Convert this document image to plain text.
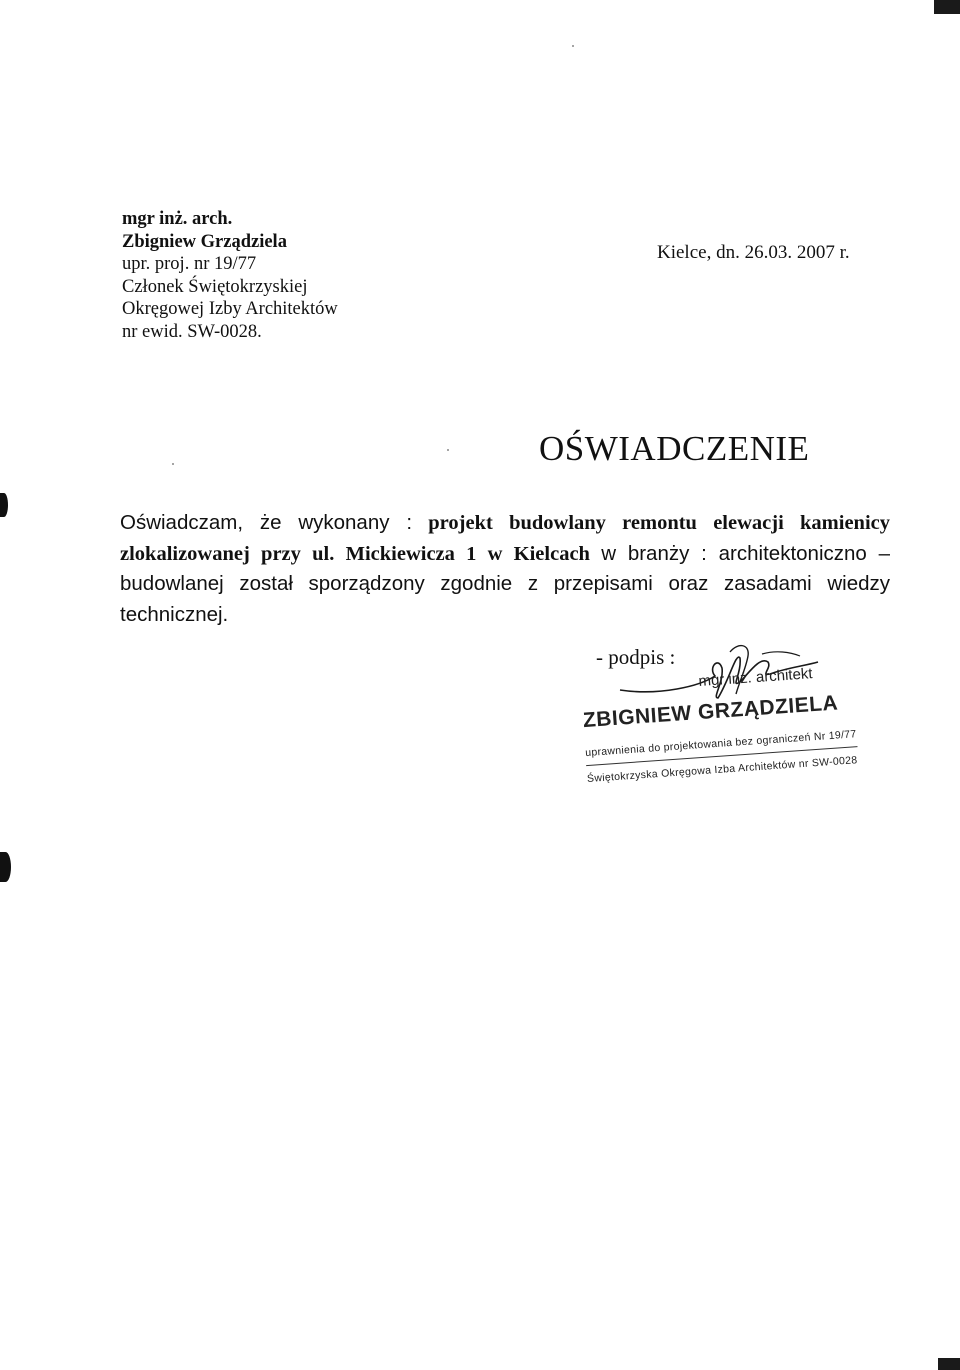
mgr inż. arch.
Zbigniew Grządziela
upr. proj. nr 19/77
Członek Świętokrzyskiej
Okręgowej Izby Architektów
nr ewid. SW-0028.
Kielce, dn. 26.03. 2007 r.
OŚWIADCZENIE
Oświadczam, że wykonany : projekt budowlany remontu elewacji kamienicy zlokalizowanej przy ul. Mickiewicza 1 w Kielcach w branży : architektoniczno – budowlanej został sporządzony zgodnie z przepisami oraz zasadami wiedzy technicznej.
- podpis :
mgr inż. architekt
ZBIGNIEW GRZĄDZIELA
uprawnienia do projektowania bez ograniczeń Nr 19/77
Świętokrzyska Okręgowa Izba Architektów nr SW-0028
